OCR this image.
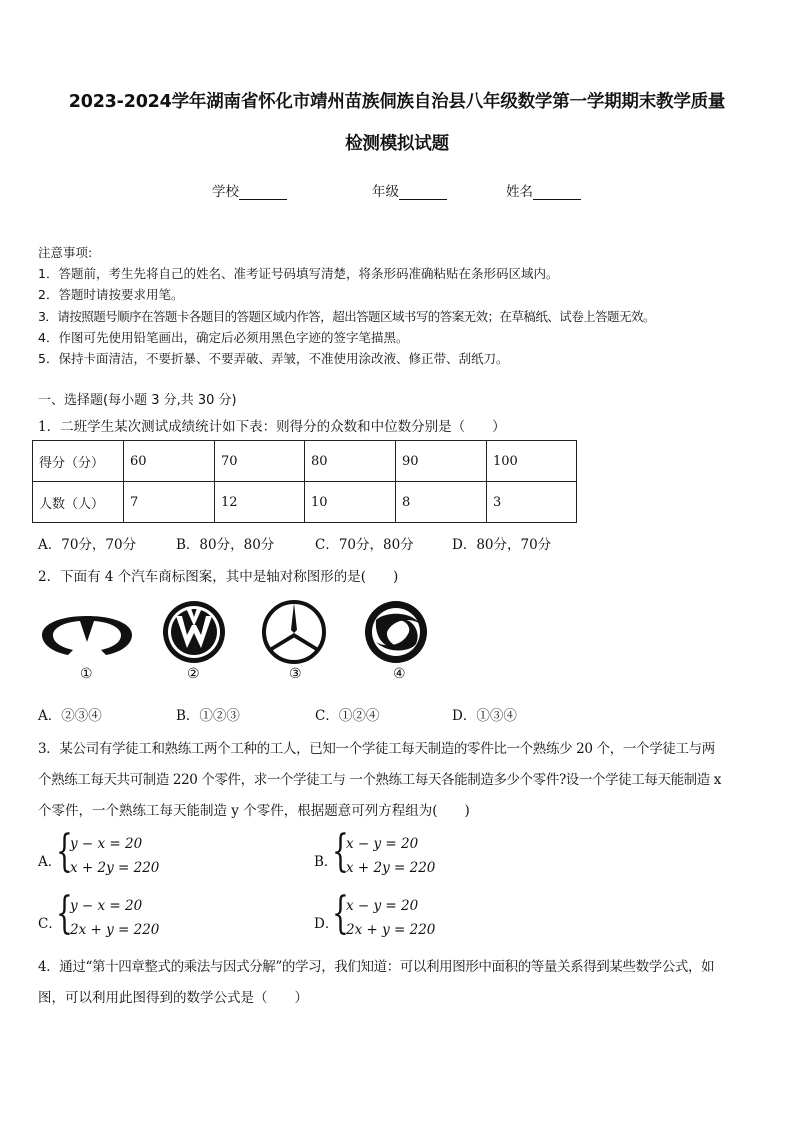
2023-2024学年湖南省怀化市靖州苗族侗族自治县八年级数学第一学期期末教学质量
检测模拟试题
学校	年级	姓名
注意事项:
1．答题前，考生先将自己的姓名、准考证号码填写清楚，将条形码准确粘贴在条形码区域内。
2．答题时请按要求用笔。
3．请按照题号顺序在答题卡各题目的答题区域内作答，超出答题区域书写的答案无效；在草稿纸、试卷上答题无效。
4．作图可先使用铅笔画出，确定后必须用黑色字迹的签字笔描黑。
5．保持卡面清洁，不要折暴、不要弄破、弄皱，不准使用涂改液、修正带、刮纸刀。
一、选择题(每小题 3 分,共 30 分)
1．二班学生某次测试成绩统计如下表：则得分的众数和中位数分别是（　　）
得分（分）	60	70	80	90	100
人数（人）	7	12	10	8	3
A．70分，70分	B．80分，80分	C．70分，80分	D．80分，70分
2．下面有 4 个汽车商标图案，其中是轴对称图形的是(　　)
①	②	③	④
A．②③④	B．①②③	C．①②④	D．①③④
3．某公司有学徒工和熟练工两个工种的工人，已知一个学徒工每天制造的零件比一个熟练少 20 个，一个学徒工与两
个熟练工每天共可制造 220 个零件，求一个学徒工与 一个熟练工每天各能制造多少个零件?设一个学徒工每天能制造 x
个零件，一个熟练工每天能制造 y 个零件，根据题意可列方程组为(　　)
A．
{
y − x = 20
x + 2y = 220	B．
{
x − y = 20
x + 2y = 220
C．
{
y − x = 20
2x + y = 220	D．
{
x − y = 20
2x + y = 220
4．通过“第十四章整式的乘法与因式分解”的学习，我们知道：可以利用图形中面积的等量关系得到某些数学公式，如
图，可以利用此图得到的数学公式是（　　）
